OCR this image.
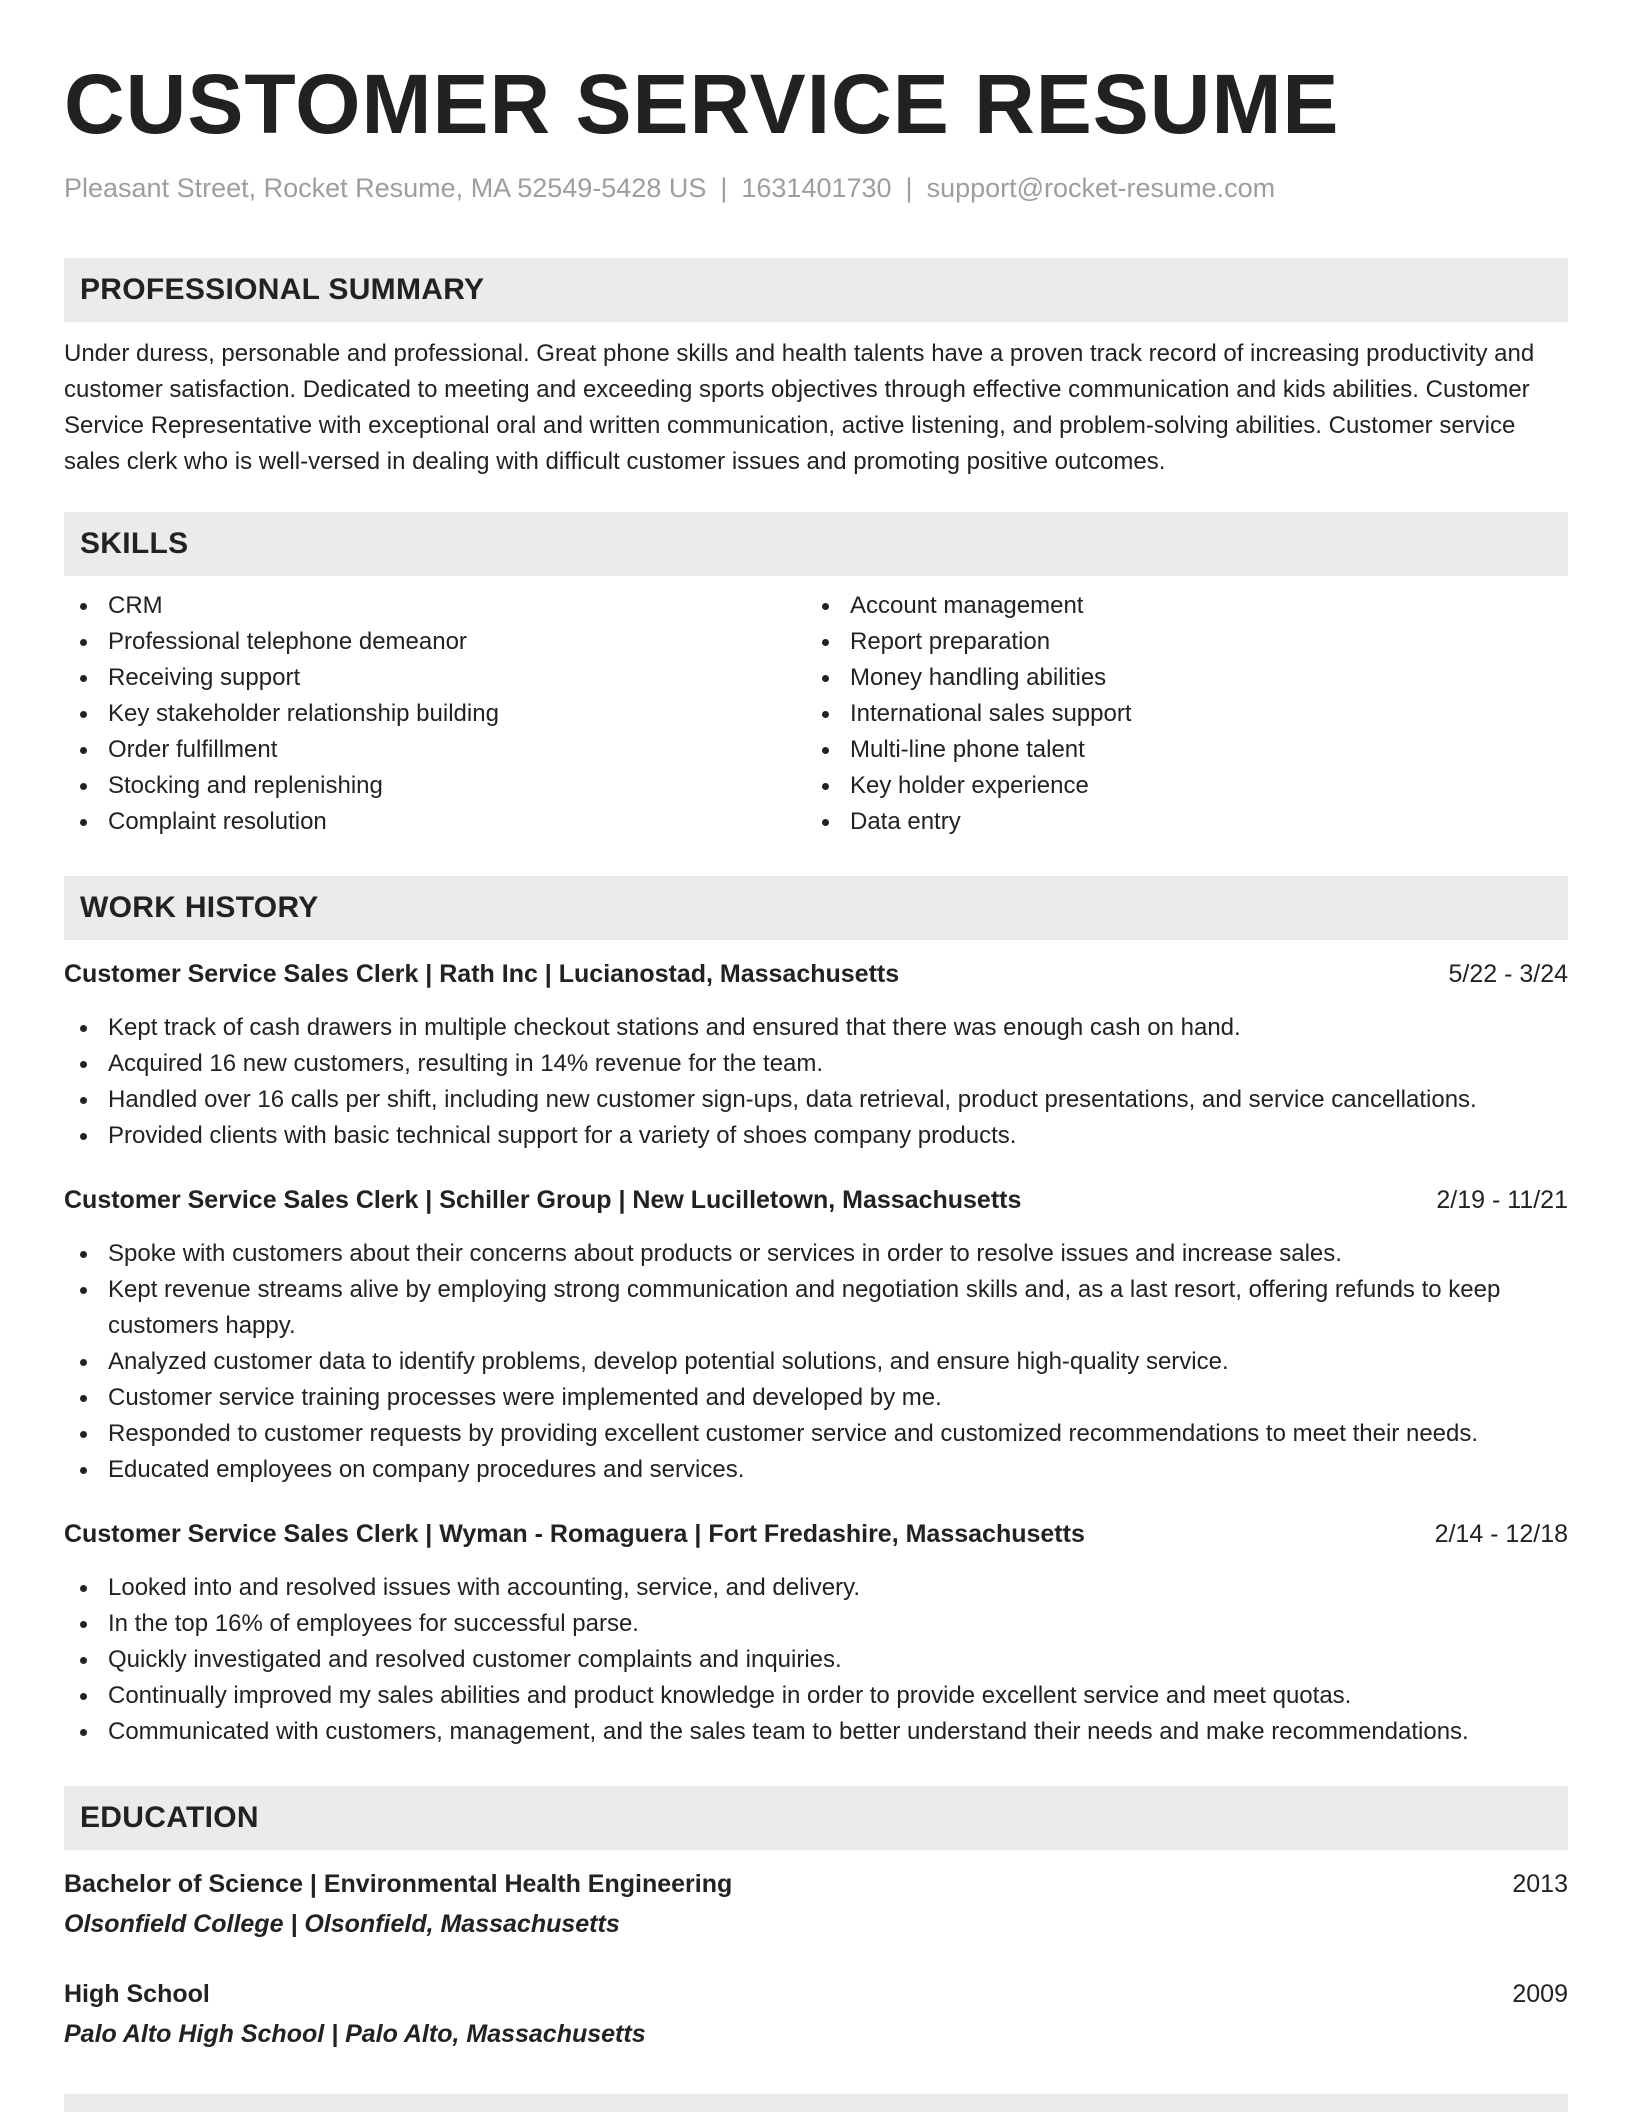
CUSTOMER SERVICE RESUME
Pleasant Street, Rocket Resume, MA 52549-5428 US | 1631401730 | support@rocket-resume.com
PROFESSIONAL SUMMARY
Under duress, personable and professional. Great phone skills and health talents have a proven track record of increasing productivity and customer satisfaction. Dedicated to meeting and exceeding sports objectives through effective communication and kids abilities. Customer Service Representative with exceptional oral and written communication, active listening, and problem-solving abilities. Customer service sales clerk who is well-versed in dealing with difficult customer issues and promoting positive outcomes.
SKILLS
CRM
Professional telephone demeanor
Receiving support
Key stakeholder relationship building
Order fulfillment
Stocking and replenishing
Complaint resolution
Account management
Report preparation
Money handling abilities
International sales support
Multi-line phone talent
Key holder experience
Data entry
WORK HISTORY
Customer Service Sales Clerk | Rath Inc | Lucianostad, Massachusetts	5/22 - 3/24
Kept track of cash drawers in multiple checkout stations and ensured that there was enough cash on hand.
Acquired 16 new customers, resulting in 14% revenue for the team.
Handled over 16 calls per shift, including new customer sign-ups, data retrieval, product presentations, and service cancellations.
Provided clients with basic technical support for a variety of shoes company products.
Customer Service Sales Clerk | Schiller Group | New Lucilletown, Massachusetts	2/19 - 11/21
Spoke with customers about their concerns about products or services in order to resolve issues and increase sales.
Kept revenue streams alive by employing strong communication and negotiation skills and, as a last resort, offering refunds to keep customers happy.
Analyzed customer data to identify problems, develop potential solutions, and ensure high-quality service.
Customer service training processes were implemented and developed by me.
Responded to customer requests by providing excellent customer service and customized recommendations to meet their needs.
Educated employees on company procedures and services.
Customer Service Sales Clerk | Wyman - Romaguera | Fort Fredashire, Massachusetts	2/14 - 12/18
Looked into and resolved issues with accounting, service, and delivery.
In the top 16% of employees for successful parse.
Quickly investigated and resolved customer complaints and inquiries.
Continually improved my sales abilities and product knowledge in order to provide excellent service and meet quotas.
Communicated with customers, management, and the sales team to better understand their needs and make recommendations.
EDUCATION
Bachelor of Science | Environmental Health Engineering	2013
Olsonfield College | Olsonfield, Massachusetts
High School	2009
Palo Alto High School | Palo Alto, Massachusetts
